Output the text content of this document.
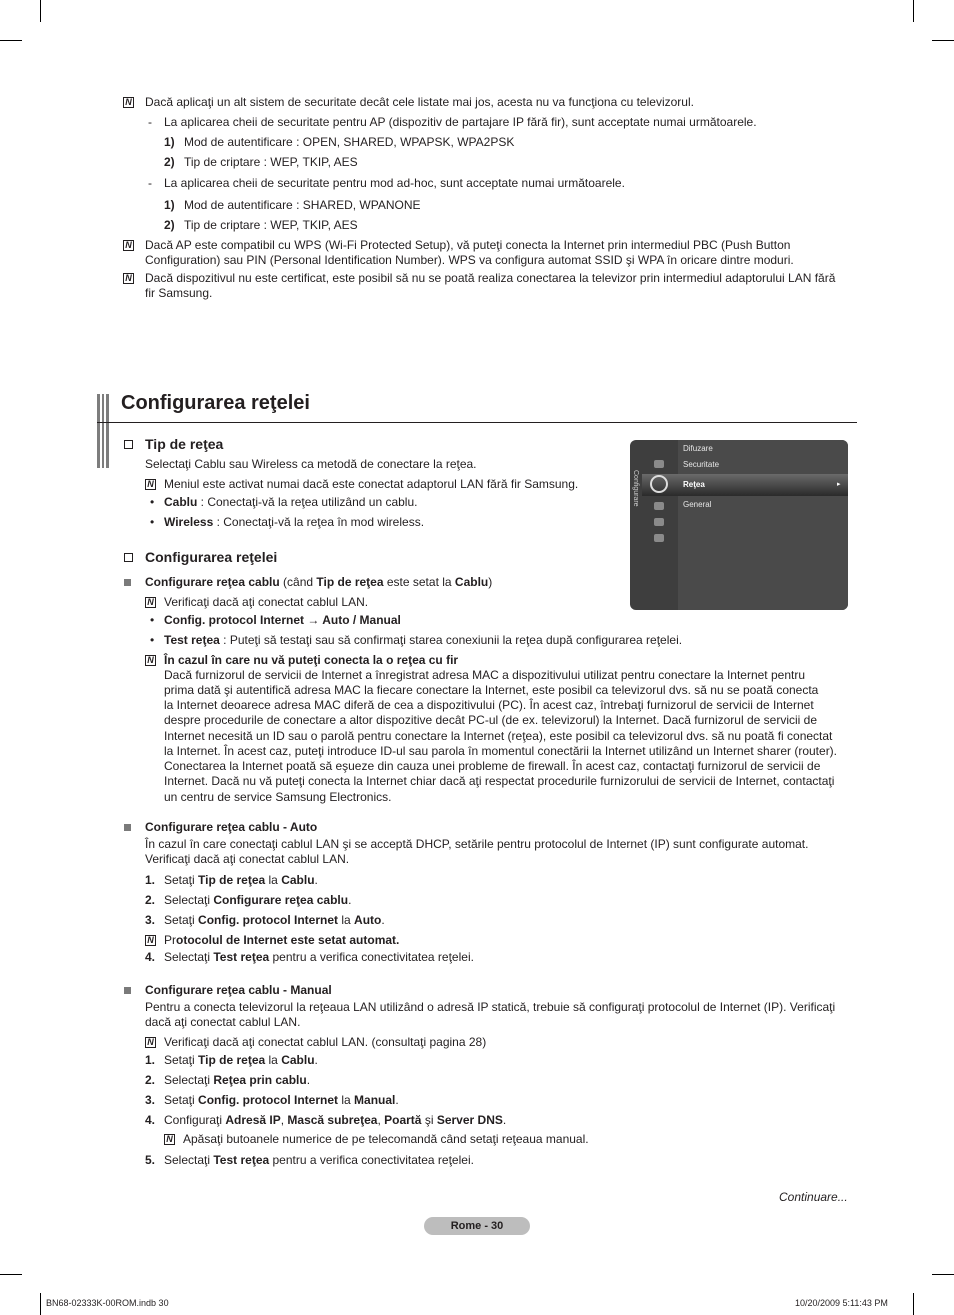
N Dacă aplicaţi un alt sistem de securitate decât cele listate mai jos, acesta nu va funcţiona cu televizorul.
- La aplicarea cheii de securitate pentru AP (dispozitiv de partajare IP fără fir), sunt acceptate numai următoarele.
1) Mod de autentificare : OPEN, SHARED, WPAPSK, WPA2PSK
2) Tip de criptare : WEP, TKIP, AES
- La aplicarea cheii de securitate pentru mod ad-hoc, sunt acceptate numai următoarele.
1) Mod de autentificare : SHARED, WPANONE
2) Tip de criptare : WEP, TKIP, AES
N Dacă AP este compatibil cu WPS (Wi-Fi Protected Setup), vă puteţi conecta la Internet prin intermediul PBC (Push Button
Configuration) sau PIN (Personal Identification Number). WPS va configura automat SSID şi WPA în oricare dintre moduri.
N Dacă dispozitivul nu este certificat, este posibil să nu se poată realiza conectarea la televizor prin intermediul adaptorului LAN fără
fir Samsung.
Configurarea reţelei
Tip de reţea
Selectaţi Cablu sau Wireless ca metodă de conectare la reţea.
N Meniul este activat numai dacă este conectat adaptorul LAN fără fir Samsung.
• Cablu : Conectaţi-vă la reţea utilizând un cablu.
• Wireless : Conectaţi-vă la reţea în mod wireless.
Configurare
Difuzare
Securitate
Reţea	▸
General
Configurarea reţelei
Configurare reţea cablu (când Tip de reţea este setat la Cablu)
N Verificaţi dacă aţi conectat cablul LAN.
• Config. protocol Internet → Auto / Manual
• Test reţea : Puteţi să testaţi sau să confirmaţi starea conexiunii la reţea după configurarea reţelei.
N În cazul în care nu vă puteţi conecta la o reţea cu fir
Dacă furnizorul de servicii de Internet a înregistrat adresa MAC a dispozitivului utilizat pentru conectare la Internet pentru
prima dată şi autentifică adresa MAC la fiecare conectare la Internet, este posibil ca televizorul dvs. să nu se poată conecta
la Internet deoarece adresa MAC diferă de cea a dispozitivului (PC). În acest caz, întrebaţi furnizorul de servicii de Internet
despre procedurile de conectare a altor dispozitive decât PC-ul (de ex. televizorul) la Internet. Dacă furnizorul de servicii de
Internet necesită un ID sau o parolă pentru conectare la Internet (reţea), este posibil ca televizorul dvs. să nu poată fi conectat
la Internet. În acest caz, puteţi introduce ID-ul sau parola în momentul conectării la Internet utilizând un Internet sharer (router).
Conectarea la Internet poată să eşueze din cauza unei probleme de firewall. În acest caz, contactaţi furnizorul de servicii de
Internet. Dacă nu vă puteţi conecta la Internet chiar dacă aţi respectat procedurile furnizorului de servicii de Internet, contactaţi
un centru de service Samsung Electronics.
Configurare reţea cablu - Auto
În cazul în care conectaţi cablul LAN şi se acceptă DHCP, setările pentru protocolul de Internet (IP) sunt configurate automat.
Verificaţi dacă aţi conectat cablul LAN.
1. Setaţi Tip de reţea la Cablu.
2. Selectaţi Configurare reţea cablu.
3. Setaţi Config. protocol Internet la Auto.
N Protocolul de Internet este setat automat.
4. Selectaţi Test reţea pentru a verifica conectivitatea reţelei.
Configurare reţea cablu - Manual
Pentru a conecta televizorul la reţeaua LAN utilizând o adresă IP statică, trebuie să configuraţi protocolul de Internet (IP). Verificaţi
dacă aţi conectat cablul LAN.
N Verificaţi dacă aţi conectat cablul LAN. (consultaţi pagina 28)
1. Setaţi Tip de reţea la Cablu.
2. Selectaţi Reţea prin cablu.
3. Setaţi Config. protocol Internet la Manual.
4. Configuraţi Adresă IP, Mască subreţea, Poartă şi Server DNS.
N Apăsaţi butoanele numerice de pe telecomandă când setaţi reţeaua manual.
5. Selectaţi Test reţea pentru a verifica conectivitatea reţelei.
Continuare...
Rome - 30
BN68-02333K-00ROM.indb 30	10/20/2009 5:11:43 PM
